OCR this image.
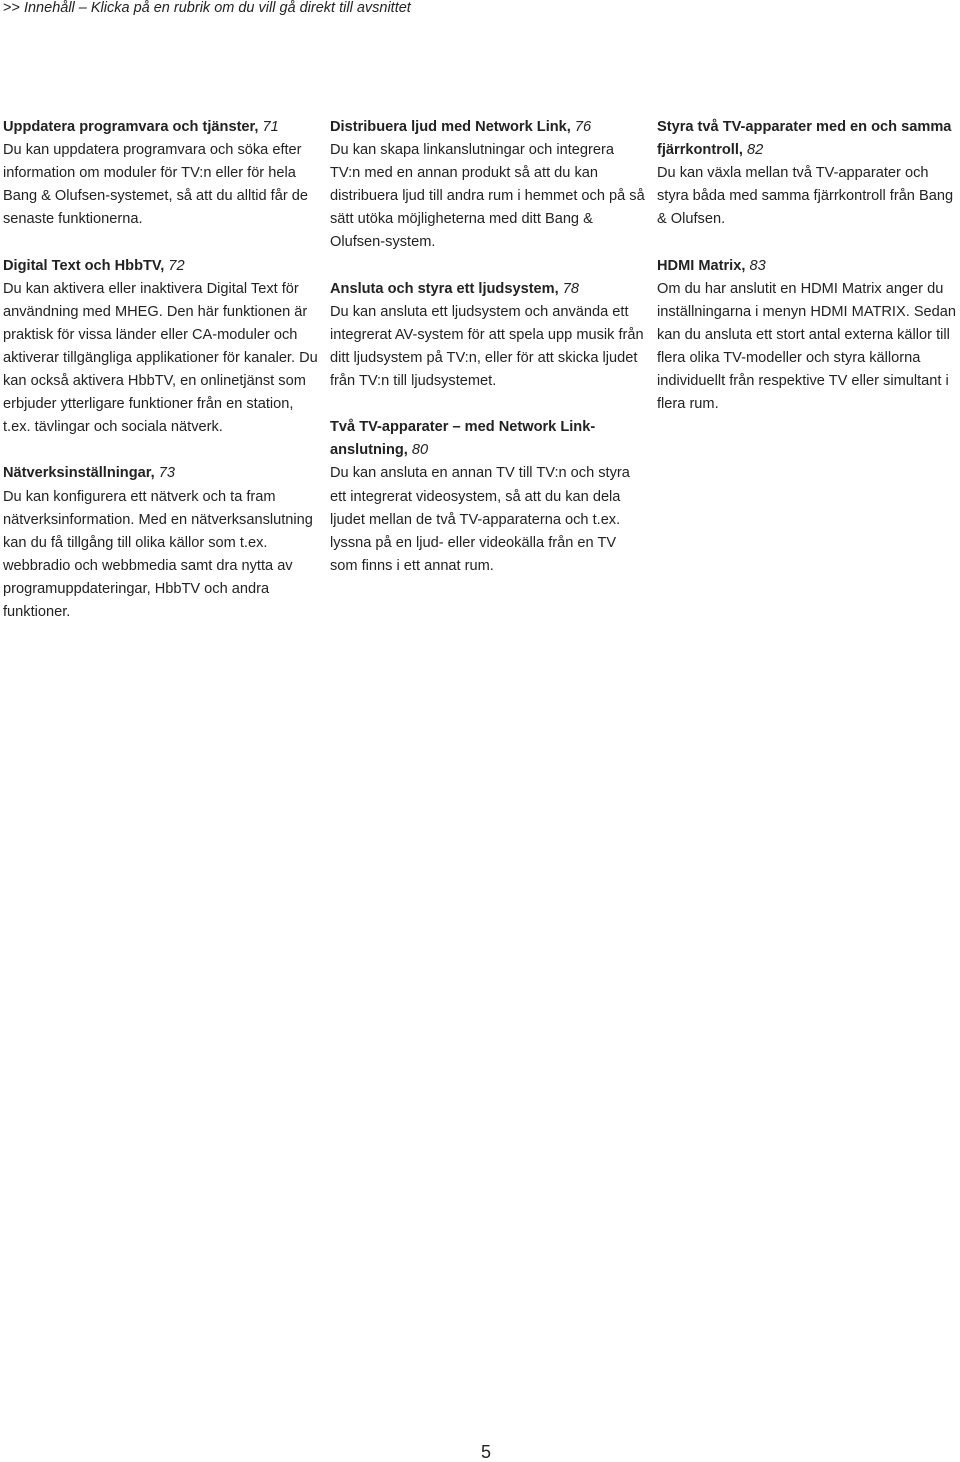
>> Innehåll – Klicka på en rubrik om du vill gå direkt till avsnittet

Uppdatera programvara och tjänster, 71

Du kan uppdatera programvara och söka efter information om moduler för TV:n eller för hela Bang & Olufsen-systemet, så att du alltid får de senaste funktionerna.

Digital Text och HbbTV, 72

Du kan aktivera eller inaktivera Digital Text för användning med MHEG. Den här funktionen är praktisk för vissa länder eller CA-moduler och aktiverar tillgängliga applikationer för kanaler. Du kan också aktivera HbbTV, en onlinetjänst som erbjuder ytterligare funktioner från en station, t.ex. tävlingar och sociala nätverk.

Nätverksinställningar, 73

Du kan konfigurera ett nätverk och ta fram nätverksinformation. Med en nätverksanslutning kan du få tillgång till olika källor som t.ex. webbradio och webbmedia samt dra nytta av programuppdateringar, HbbTV och andra funktioner.

Distribuera ljud med Network Link, 76

Du kan skapa linkanslutningar och integrera TV:n med en annan produkt så att du kan distribuera ljud till andra rum i hemmet och på så sätt utöka möjligheterna med ditt Bang & Olufsen-system.

Ansluta och styra ett ljudsystem, 78

Du kan ansluta ett ljudsystem och använda ett integrerat AV-system för att spela upp musik från ditt ljudsystem på TV:n, eller för att skicka ljudet från TV:n till ljudsystemet.

Två TV-apparater – med Network Link-anslutning, 80

Du kan ansluta en annan TV till TV:n och styra ett integrerat videosystem, så att du kan dela ljudet mellan de två TV-apparaterna och t.ex. lyssna på en ljud- eller videokälla från en TV som finns i ett annat rum.

Styra två TV-apparater med en och samma fjärrkontroll, 82

Du kan växla mellan två TV-apparater och styra båda med samma fjärrkontroll från Bang & Olufsen.

HDMI Matrix, 83

Om du har anslutit en HDMI Matrix anger du inställningarna i menyn HDMI MATRIX. Sedan kan du ansluta ett stort antal externa källor till flera olika TV-modeller och styra källorna individuellt från respektive TV eller simultant i flera rum.

5
